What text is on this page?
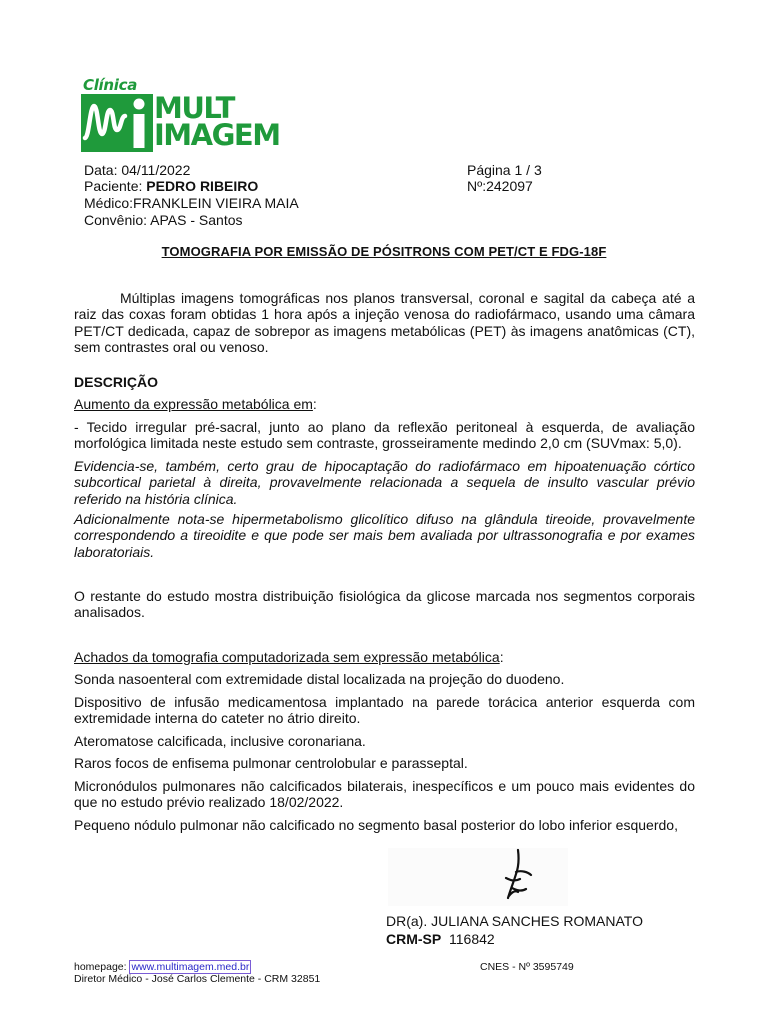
Clínica
MULT
IMAGEM
Data: 04/11/2022	Página 1 / 3
Paciente: PEDRO RIBEIRO	Nº:242097
Médico:FRANKLEIN VIEIRA MAIA
Convênio: APAS - Santos
TOMOGRAFIA POR EMISSÃO DE PÓSITRONS COM PET/CT E FDG-18F
Múltiplas imagens tomográficas nos planos transversal, coronal e sagital da cabeça até a raiz das coxas foram obtidas 1 hora após a injeção venosa do radiofármaco, usando uma câmara PET/CT dedicada, capaz de sobrepor as imagens metabólicas (PET) às imagens anatômicas (CT), sem contrastes oral ou venoso.
DESCRIÇÃO
Aumento da expressão metabólica em:
- Tecido irregular pré-sacral, junto ao plano da reflexão peritoneal à esquerda, de avaliação morfológica limitada neste estudo sem contraste, grosseiramente medindo 2,0 cm (SUVmax: 5,0).
Evidencia-se, também, certo grau de hipocaptação do radiofármaco em hipoatenuação córtico subcortical parietal à direita, provavelmente relacionada a sequela de insulto vascular prévio referido na história clínica.
Adicionalmente nota-se hipermetabolismo glicolítico difuso na glândula tireoide, provavelmente correspondendo a tireoidite e que pode ser mais bem avaliada por ultrassonografia e por exames laboratoriais.
O restante do estudo mostra distribuição fisiológica da glicose marcada nos segmentos corporais analisados.
Achados da tomografia computadorizada sem expressão metabólica:
Sonda nasoenteral com extremidade distal localizada na projeção do duodeno.
Dispositivo de infusão medicamentosa implantado na parede torácica anterior esquerda com extremidade interna do cateter no átrio direito.
Ateromatose calcificada, inclusive coronariana.
Raros focos de enfisema pulmonar centrolobular e parasseptal.
Micronódulos pulmonares não calcificados bilaterais, inespecíficos e um pouco mais evidentes do que no estudo prévio realizado 18/02/2022.
Pequeno nódulo pulmonar não calcificado no segmento basal posterior do lobo inferior esquerdo,
DR(a). JULIANA SANCHES ROMANATO
CRM-SP 116842
homepage: www.multimagem.med.br
Diretor Médico - José Carlos Clemente - CRM 32851
CNES - Nº 3595749
